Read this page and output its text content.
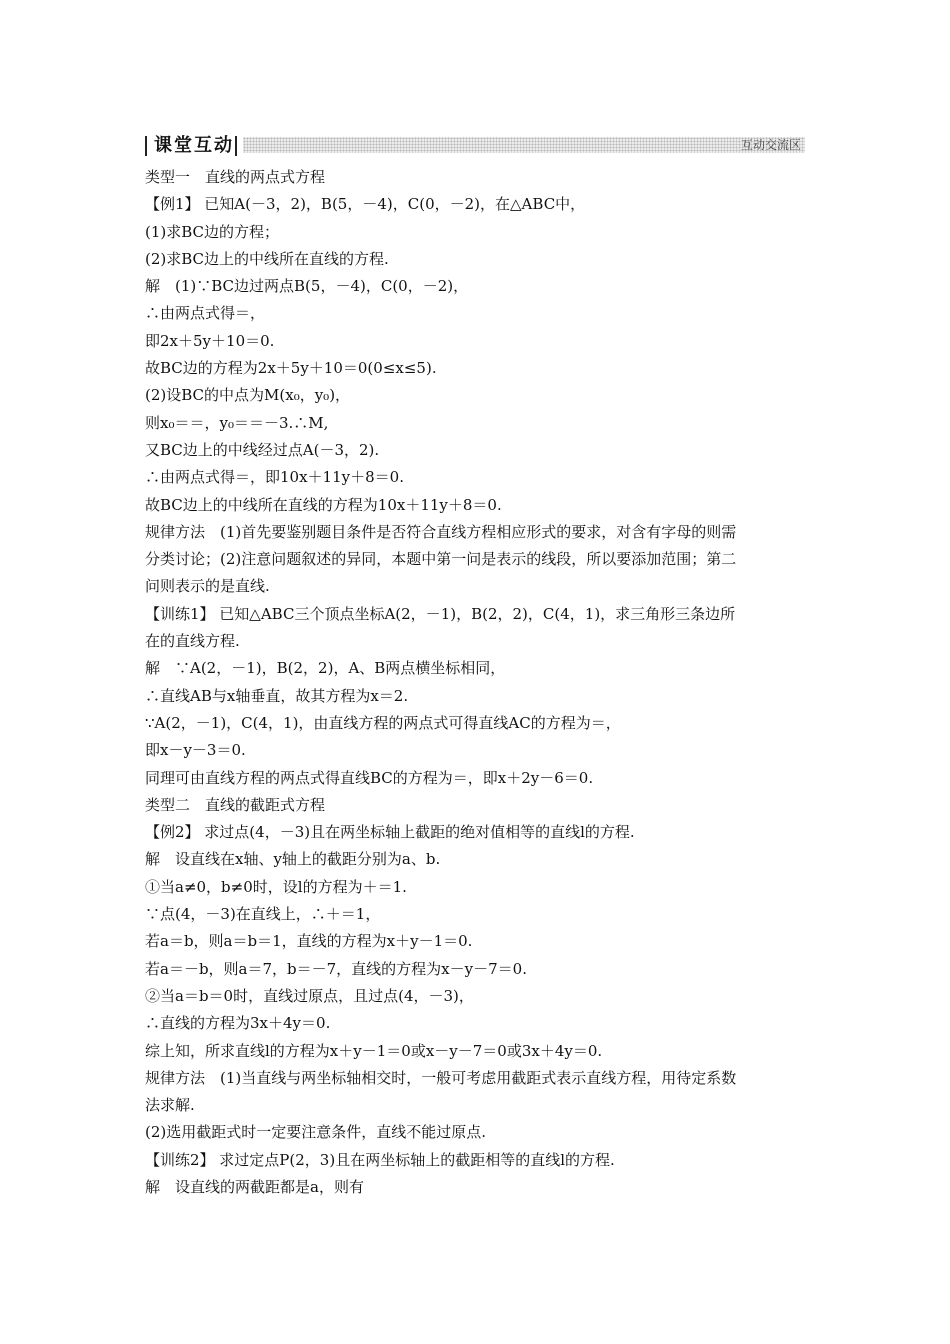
课堂互动	互动交流区
类型一　直线的两点式方程
【例1】 已知A(－3，2)，B(5，－4)，C(0，－2)，在△ABC中，
(1)求BC边的方程；
(2)求BC边上的中线所在直线的方程.
解　(1)∵BC边过两点B(5，－4)，C(0，－2)，
∴由两点式得＝，
即2x＋5y＋10＝0.
故BC边的方程为2x＋5y＋10＝0(0≤x≤5).
(2)设BC的中点为M(x₀，y₀)，
则x₀＝＝，y₀＝＝－3.∴M,
又BC边上的中线经过点A(－3，2).
∴由两点式得＝，即10x＋11y＋8＝0.
故BC边上的中线所在直线的方程为10x＋11y＋8＝0.
规律方法　(1)首先要鉴别题目条件是否符合直线方程相应形式的要求，对含有字母的则需
分类讨论；(2)注意问题叙述的异同，本题中第一问是表示的线段，所以要添加范围；第二
问则表示的是直线.
【训练1】 已知△ABC三个顶点坐标A(2，－1)，B(2，2)，C(4，1)，求三角形三条边所
在的直线方程.
解　∵A(2，－1)，B(2，2)，A、B两点横坐标相同，
∴直线AB与x轴垂直，故其方程为x＝2.
∵A(2，－1)，C(4，1)，由直线方程的两点式可得直线AC的方程为＝，
即x－y－3＝0.
同理可由直线方程的两点式得直线BC的方程为＝，即x＋2y－6＝0.
类型二　直线的截距式方程
【例2】 求过点(4，－3)且在两坐标轴上截距的绝对值相等的直线l的方程.
解　设直线在x轴、y轴上的截距分别为a、b.
①当a≠0，b≠0时，设l的方程为＋＝1.
∵点(4，－3)在直线上，∴＋＝1，
若a＝b，则a＝b＝1，直线的方程为x＋y－1＝0.
若a＝－b，则a＝7，b＝－7，直线的方程为x－y－7＝0.
②当a＝b＝0时，直线过原点，且过点(4，－3)，
∴直线的方程为3x＋4y＝0.
综上知，所求直线l的方程为x＋y－1＝0或x－y－7＝0或3x＋4y＝0.
规律方法　(1)当直线与两坐标轴相交时，一般可考虑用截距式表示直线方程，用待定系数
法求解.
(2)选用截距式时一定要注意条件，直线不能过原点.
【训练2】 求过定点P(2，3)且在两坐标轴上的截距相等的直线l的方程.
解　设直线的两截距都是a，则有
